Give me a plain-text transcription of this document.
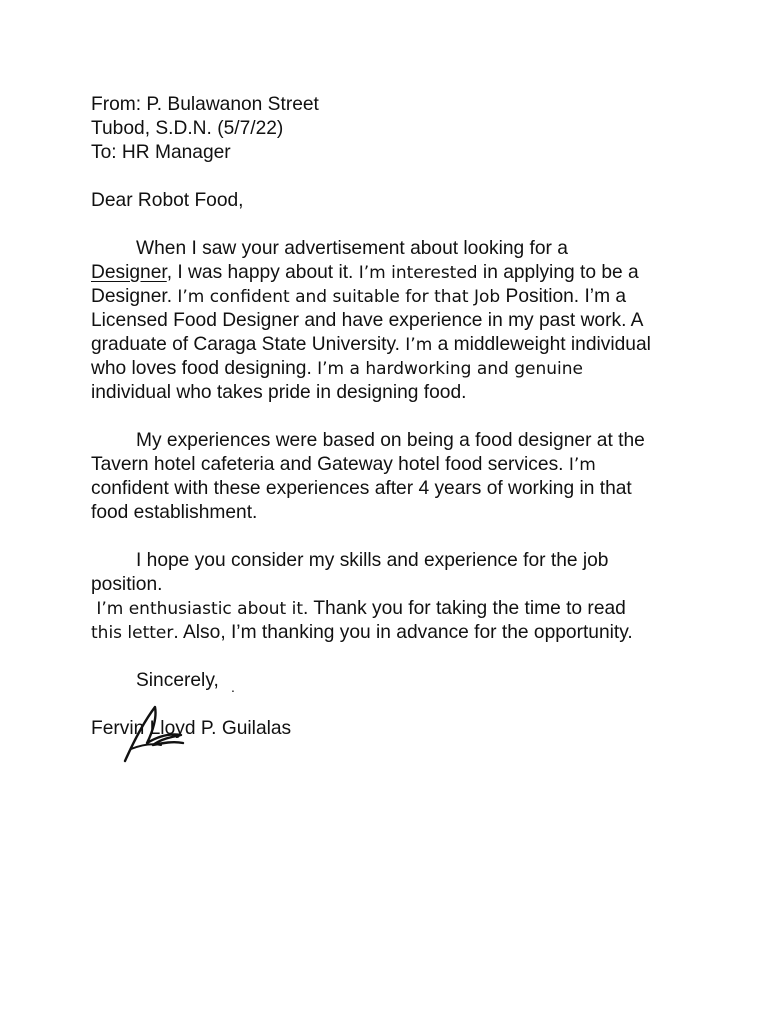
From: P. Bulawanon Street
Tubod, S.D.N. (5/7/22)
To: HR Manager
Dear Robot Food,
When I saw your advertisement about looking for a
Designer, I was happy about it. I’m interested in applying to be a
Designer. I’m confident and suitable for that Job Position. I’m a
Licensed Food Designer and have experience in my past work. A
graduate of Caraga State University. I’m a middleweight individual
who loves food designing. I’m a hardworking and genuine
individual who takes pride in designing food.
My experiences were based on being a food designer at the
Tavern hotel cafeteria and Gateway hotel food services. I’m
confident with these experiences after 4 years of working in that
food establishment.
I hope you consider my skills and experience for the job
position.
I’m enthusiastic about it. Thank you for taking the time to read
this letter. Also, I’m thanking you in advance for the opportunity.
Sincerely, .
Fervin Lloyd P. Guilalas
